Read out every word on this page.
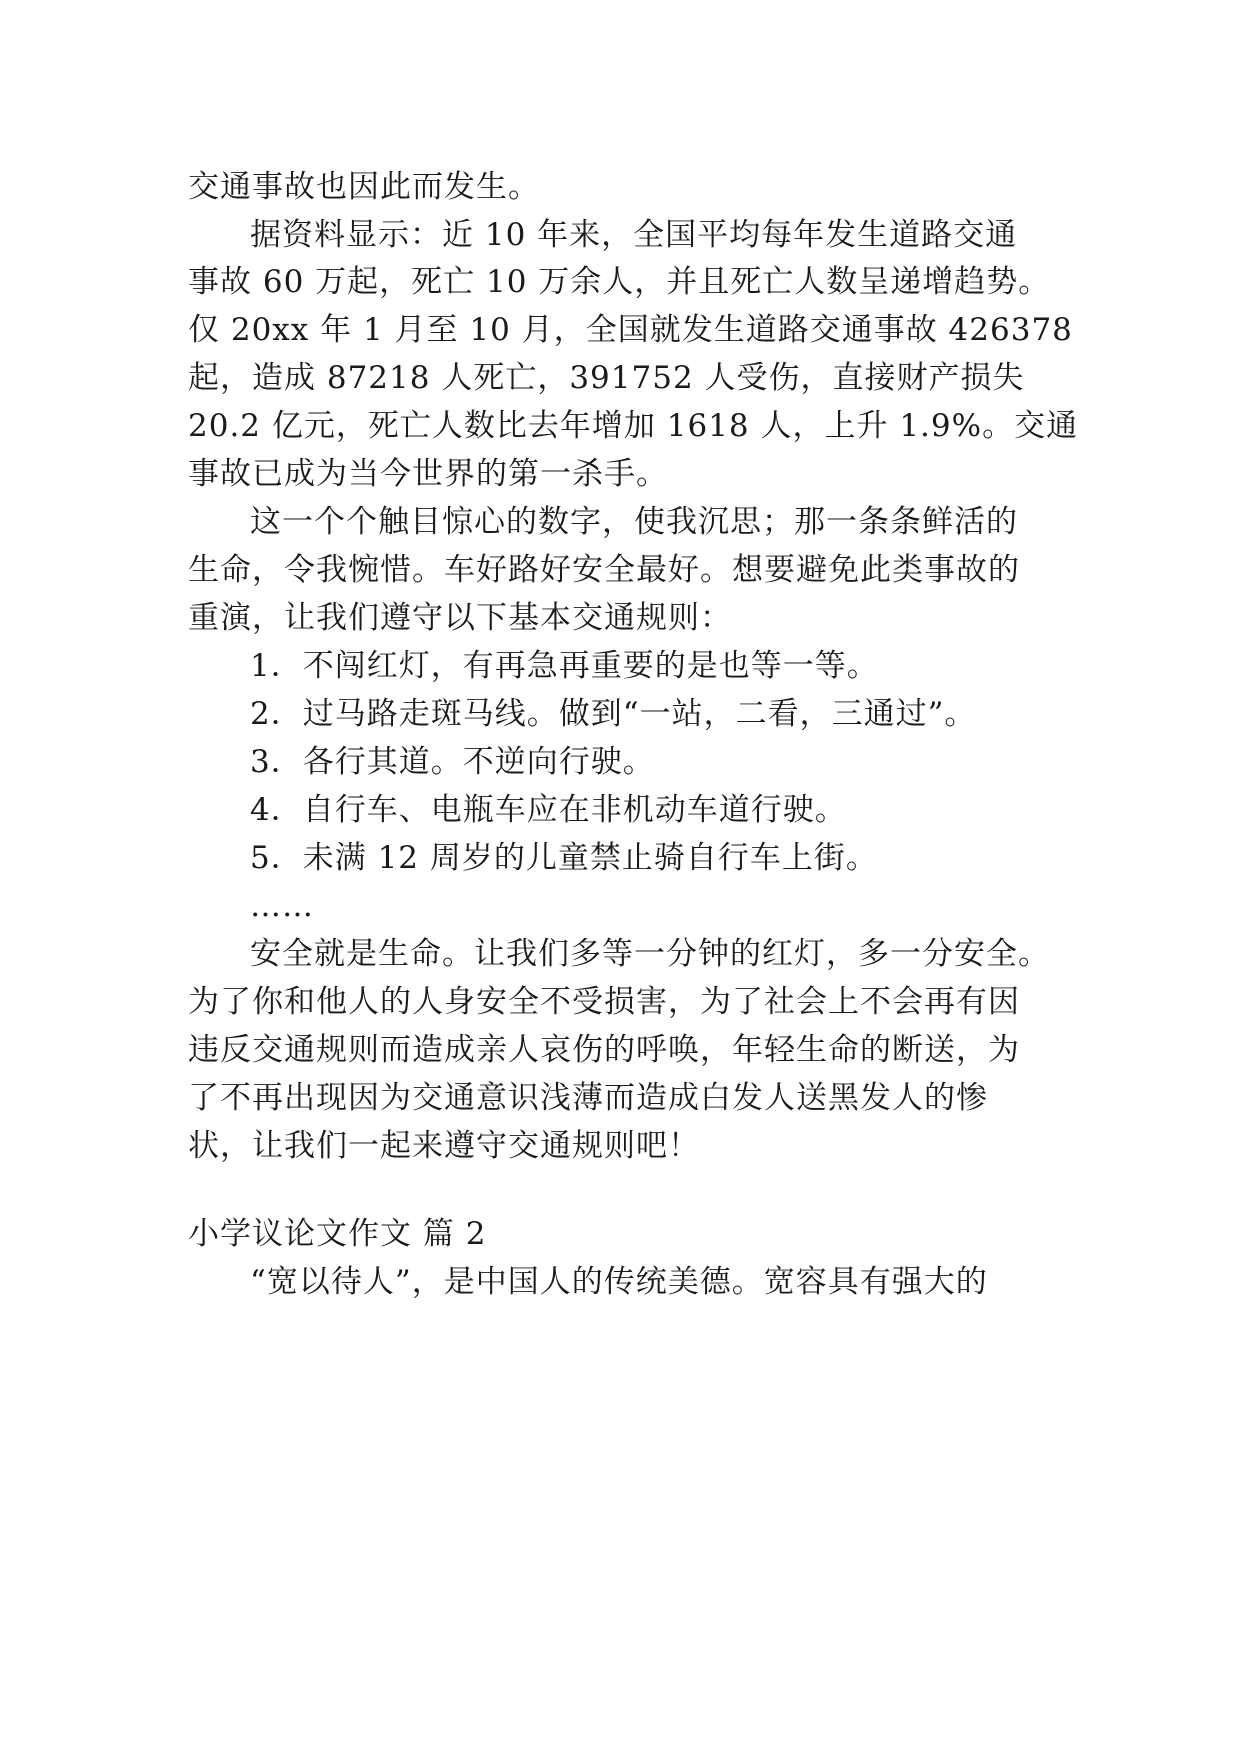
交通事故也因此而发生。
据资料显示：近 10 年来，全国平均每年发生道路交通
事故 60 万起，死亡 10 万余人，并且死亡人数呈递增趋势。
仅 20xx 年 1 月至 10 月，全国就发生道路交通事故 426378
起，造成 87218 人死亡，391752 人受伤，直接财产损失
20.2 亿元，死亡人数比去年增加 1618 人，上升 1.9%。交通
事故已成为当今世界的第一杀手。
这一个个触目惊心的数字，使我沉思；那一条条鲜活的
生命，令我惋惜。车好路好安全最好。想要避免此类事故的
重演，让我们遵守以下基本交通规则：
1．不闯红灯，有再急再重要的是也等一等。
2．过马路走斑马线。做到“一站，二看，三通过”。
3．各行其道。不逆向行驶。
4．自行车、电瓶车应在非机动车道行驶。
5．未满 12 周岁的儿童禁止骑自行车上街。
……
安全就是生命。让我们多等一分钟的红灯，多一分安全。
为了你和他人的人身安全不受损害，为了社会上不会再有因
违反交通规则而造成亲人哀伤的呼唤，年轻生命的断送，为
了不再出现因为交通意识浅薄而造成白发人送黑发人的惨
状，让我们一起来遵守交通规则吧！
小学议论文作文 篇 2
“宽以待人”，是中国人的传统美德。宽容具有强大的
